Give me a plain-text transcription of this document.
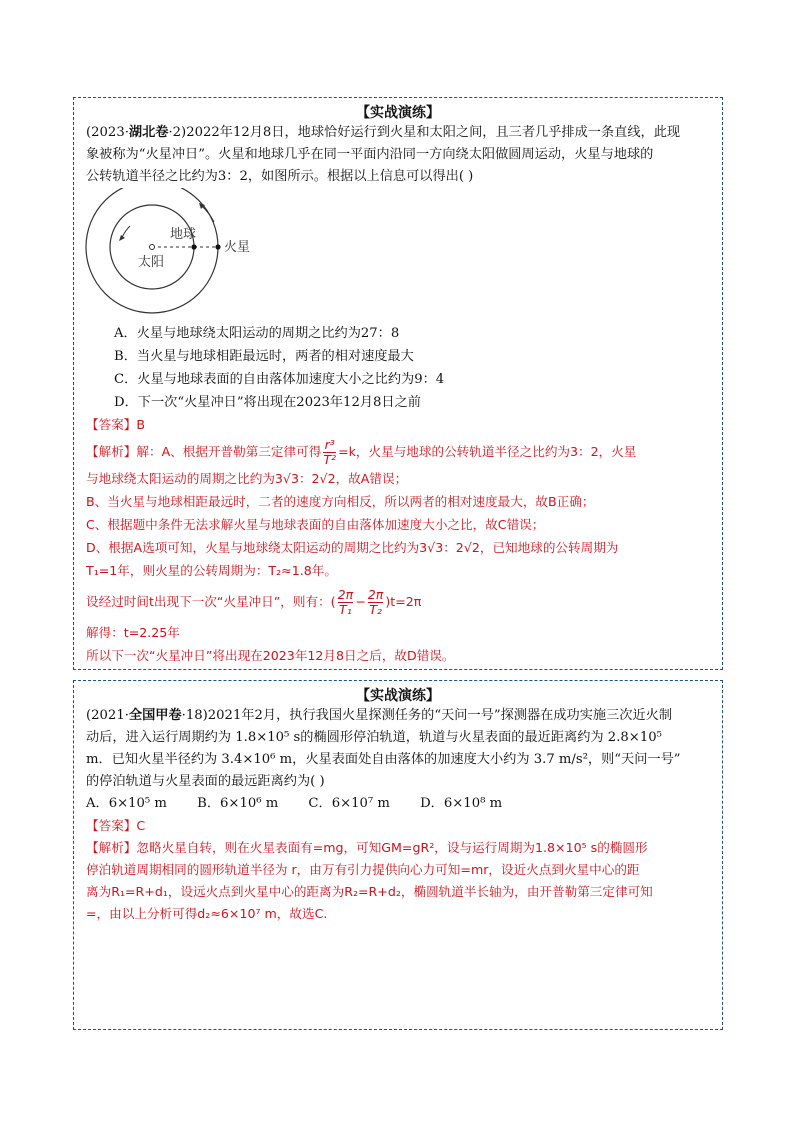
【实战演练】
(2023·湖北卷·2)2022年12月8日，地球恰好运行到火星和太阳之间，且三者几乎排成一条直线，此现
象被称为“火星冲日”。火星和地球几乎在同一平面内沿同一方向绕太阳做圆周运动，火星与地球的
公转轨道半径之比约为3：2，如图所示。根据以上信息可以得出( )
地球
太阳
火星
A．火星与地球绕太阳运动的周期之比约为27：8
B．当火星与地球相距最远时，两者的相对速度最大
C．火星与地球表面的自由落体加速度大小之比约为9：4
D．下一次“火星冲日”将出现在2023年12月8日之前
【答案】B
【解析】解：A、根据开普勒第三定律可得 $\frac{\text{r³}}{\text{T²}} =k$，火星与地球的公转轨道半径之比约为3：2，火星
与地球绕太阳运动的周期之比约为3√3：2√2，故A错误；
B、当火星与地球相距最远时，二者的速度方向相反，所以两者的相对速度最大，故B正确；
C、根据题中条件无法求解火星与地球表面的自由落体加速度大小之比，故C错误；
D、根据A选项可知，火星与地球绕太阳运动的周期之比约为3√3：2√2，已知地球的公转周期为
T₁=1年，则火星的公转周期为：T₂≈1.8年。
设经过时间t出现下一次“火星冲日”，则有：( $\frac{2\pi}{\text{T₁}} - \frac{2\pi}{\text{T₂}} )t=2\pi$
解得：t=2.25年
所以下一次“火星冲日”将出现在2023年12月8日之后，故D错误。
【实战演练】
(2021·全国甲卷·18)2021年2月，执行我国火星探测任务的“天问一号”探测器在成功实施三次近火制
动后，进入运行周期约为 1.8×10⁵ s的椭圆形停泊轨道，轨道与火星表面的最近距离约为 2.8×10⁵
m．已知火星半径约为 3.4×10⁶ m，火星表面处自由落体的加速度大小约为 3.7 m/s²，则“天问一号”
的停泊轨道与火星表面的最远距离约为( )
A．6×10⁵ m B．6×10⁶ m C．6×10⁷ m D．6×10⁸ m
【答案】C
【解析】忽略火星自转，则在火星表面有=mg，可知GM=gR²，设与运行周期为1.8×10⁵ s的椭圆形
停泊轨道周期相同的圆形轨道半径为 r，由万有引力提供向心力可知=mr，设近火点到火星中心的距
离为R₁=R+d₁，设远火点到火星中心的距离为R₂=R+d₂，椭圆轨道半长轴为，由开普勒第三定律可知
=，由以上分析可得d₂≈6×10⁷ m，故选C.
